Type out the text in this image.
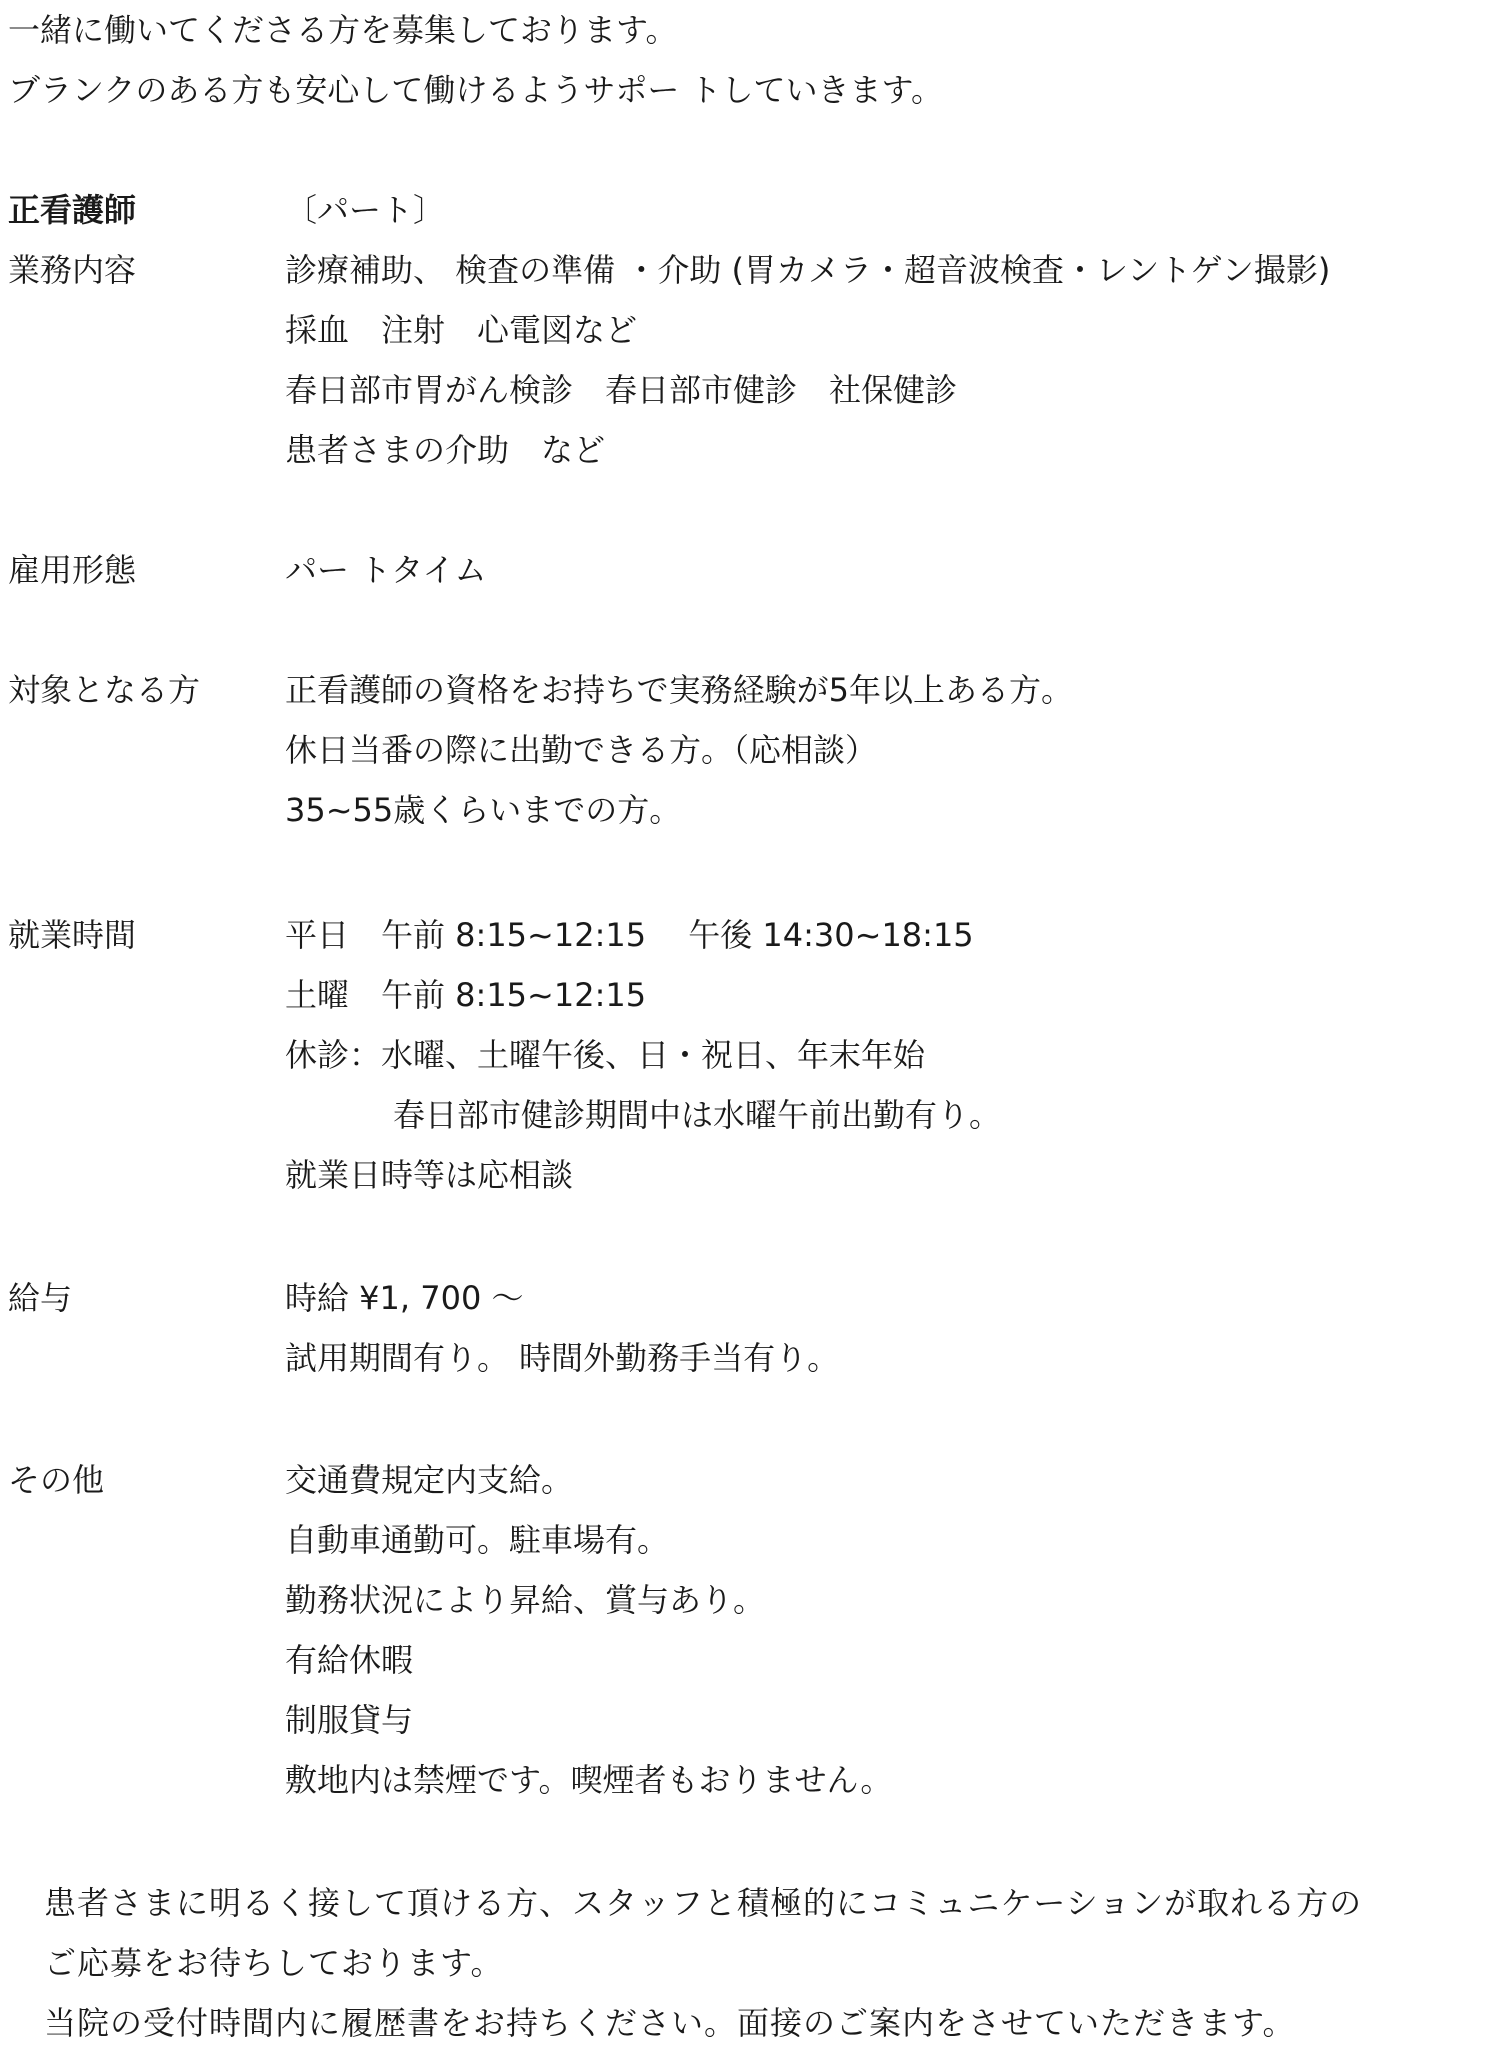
一緒に働いてくださる方を募集しております。
ブランクのある方も安心して働けるようサポー トしていきます。
正看護師	〔パート〕
業務内容	診療補助、 検査の準備 ・介助 (胃カメラ・超音波検査・レントゲン撮影)
採血　注射　心電図など
春日部市胃がん検診　春日部市健診　社保健診
患者さまの介助　など
雇用形態	パー トタイム
対象となる方	正看護師の資格をお持ちで実務経験が5年以上ある方。
休日当番の際に出勤できる方。（応相談）
35~55歳くらいまでの方。
就業時間	平日　午前 8:15~12:15　 午後 14:30~18:15
土曜　午前 8:15~12:15
休診：水曜、土曜午後、日・祝日、年末年始
春日部市健診期間中は水曜午前出勤有り。
就業日時等は応相談
給与	時給 ¥1, 700 ～
試用期間有り。 時間外勤務手当有り。
その他	交通費規定内支給。
自動車通勤可。駐車場有。
勤務状況により昇給、賞与あり。
有給休暇
制服貸与
敷地内は禁煙です。喫煙者もおりません。
患者さまに明るく接して頂ける方、スタッフと積極的にコミュニケーションが取れる方の
ご応募をお待ちしております。
当院の受付時間内に履歴書をお持ちください。面接のご案内をさせていただきます。
